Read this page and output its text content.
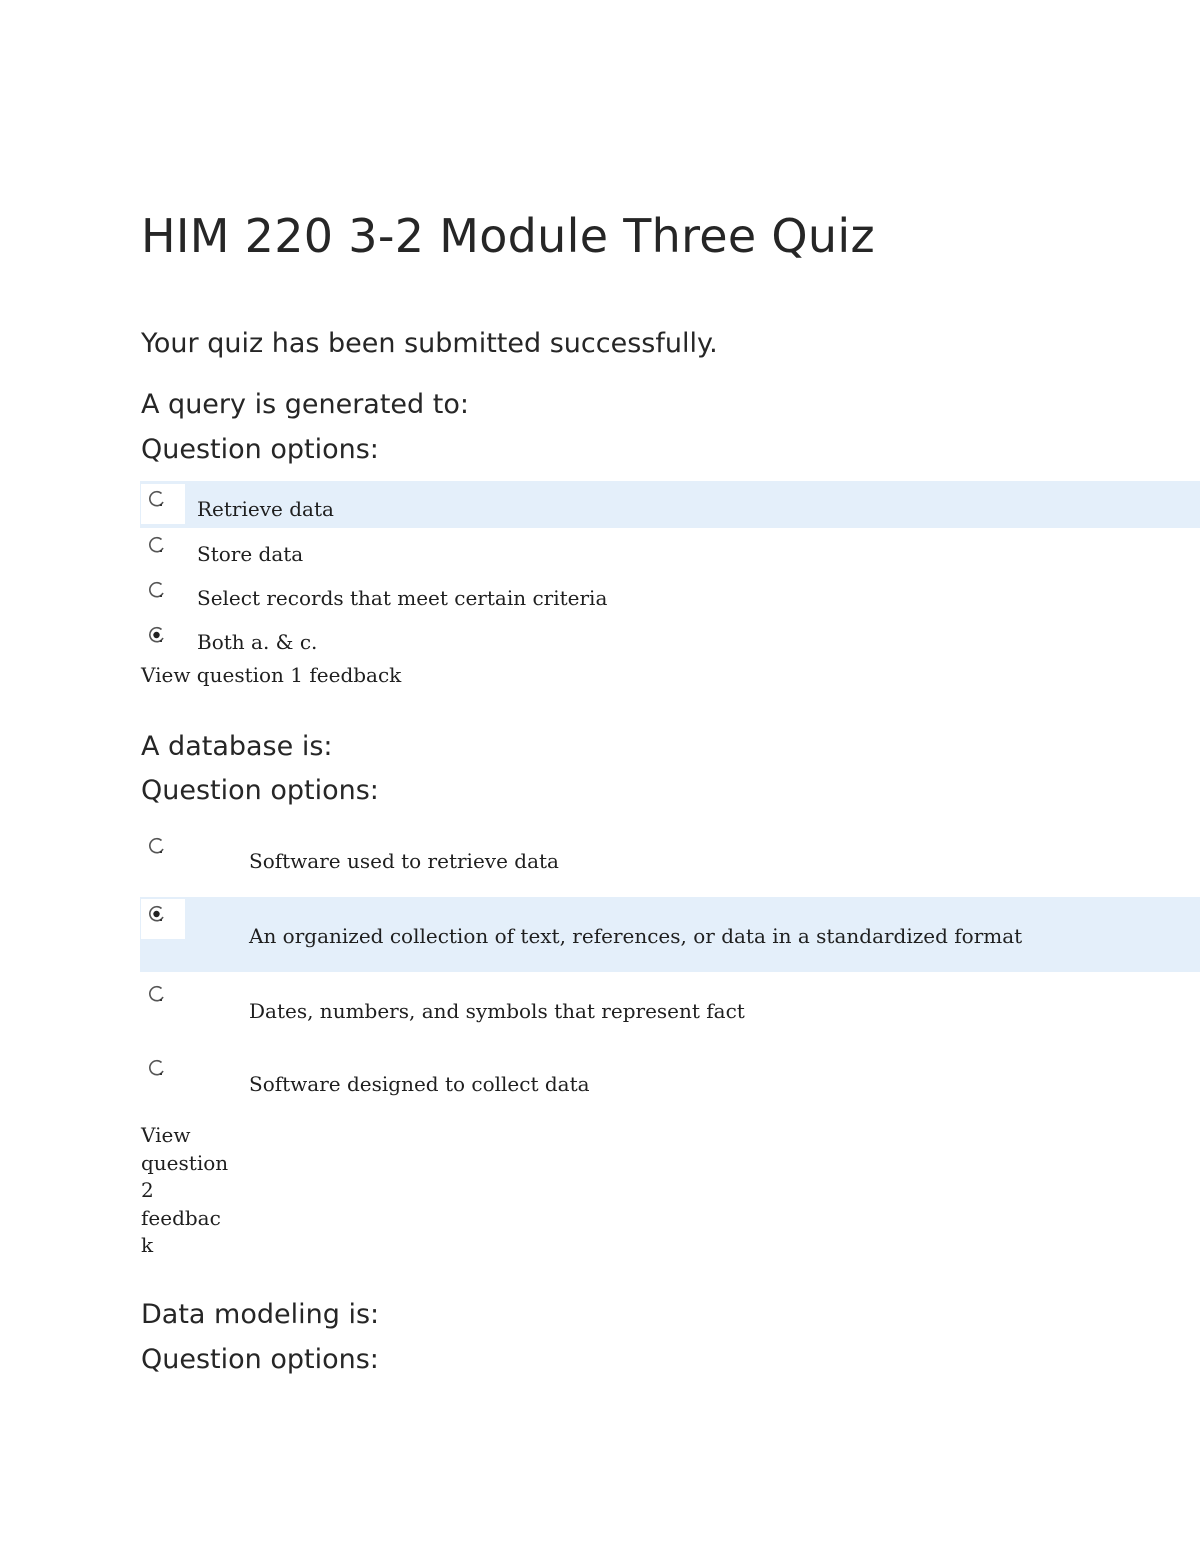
HIM 220 3-2 Module Three Quiz
Your quiz has been submitted successfully.
A query is generated to:
Question options:
Retrieve data
Store data
Select records that meet certain criteria
Both a. & c.
View question 1 feedback
A database is:
Question options:
Software used to retrieve data
An organized collection of text, references, or data in a standardized format
Dates, numbers, and symbols that represent fact
Software designed to collect data
View
question
2
feedbac
k
Data modeling is:
Question options:
